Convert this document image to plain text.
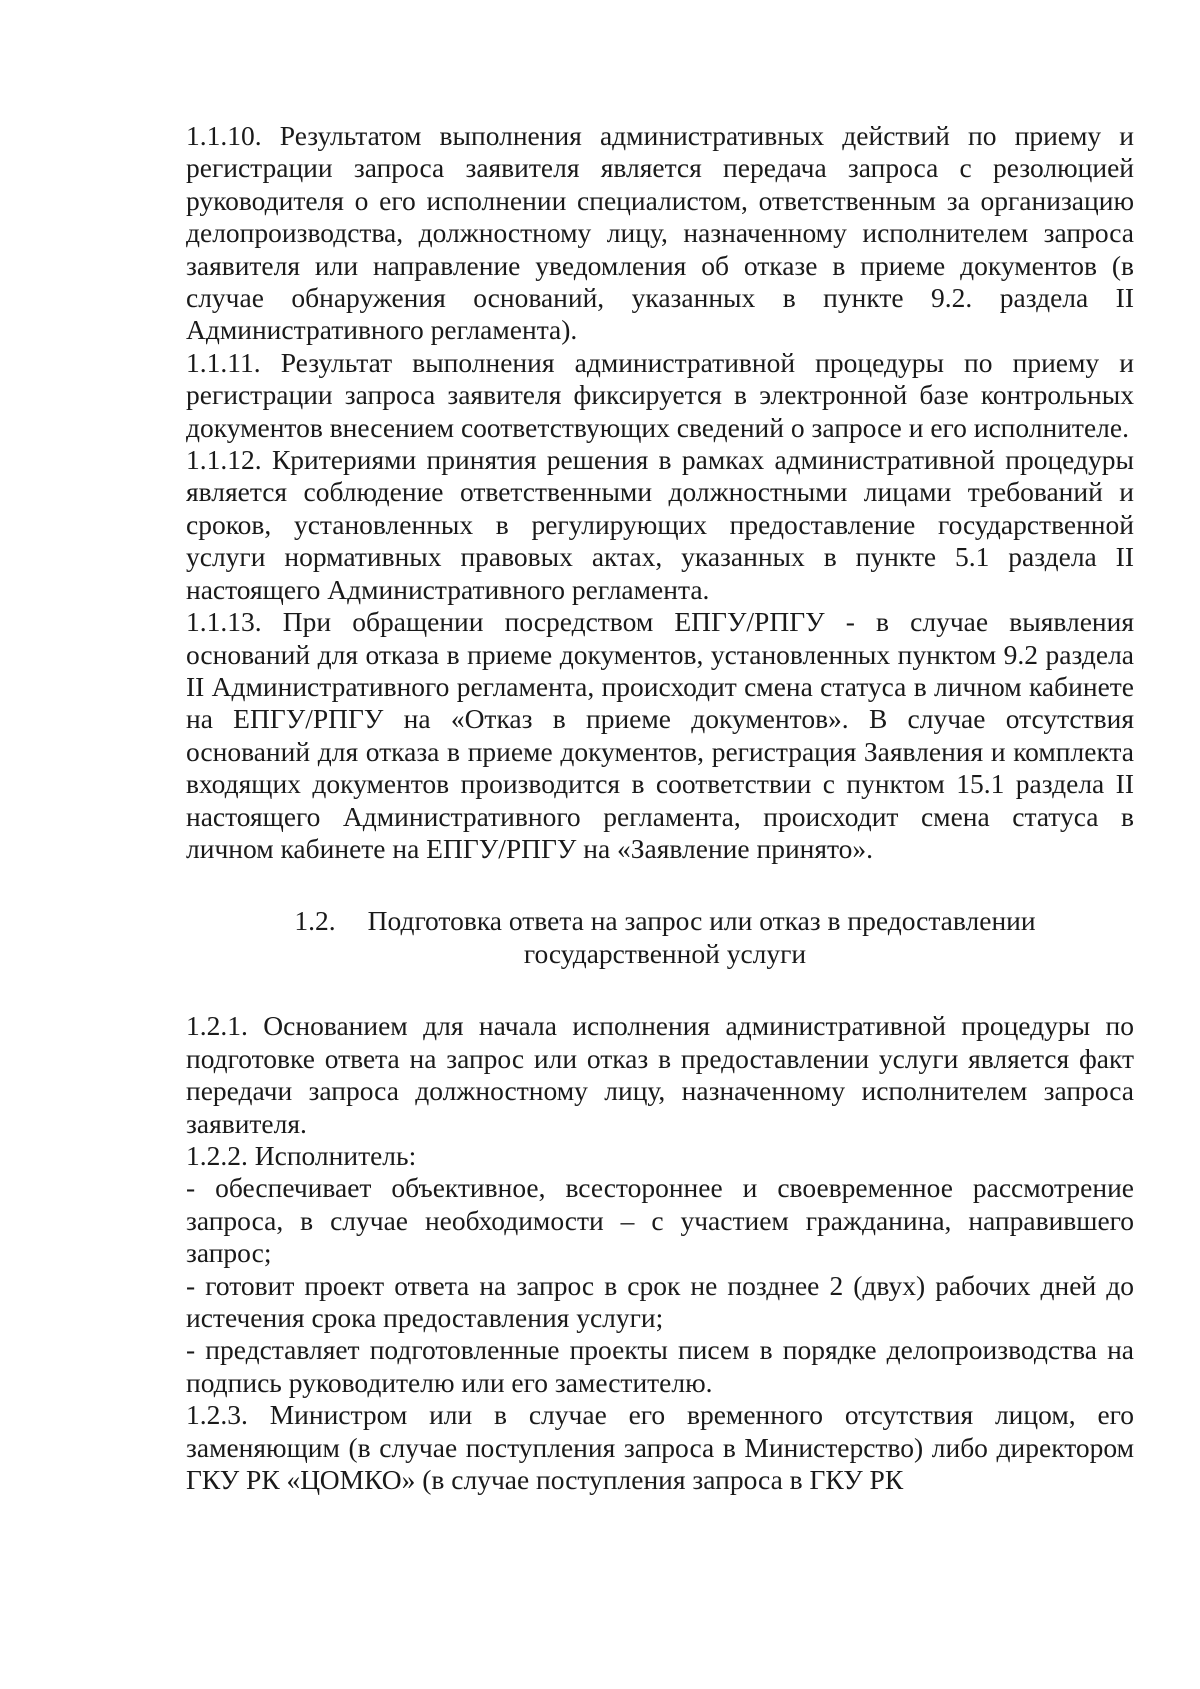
1.1.10. Результатом выполнения административных действий по приему и регистрации запроса заявителя является передача запроса с резолюцией руководителя о его исполнении специалистом, ответственным за организацию делопроизводства, должностному лицу, назначенному исполнителем запроса заявителя или направление уведомления об отказе в приеме документов (в случае обнаружения оснований, указанных в пункте 9.2. раздела II Административного регламента).

1.1.11. Результат выполнения административной процедуры по приему и регистрации запроса заявителя фиксируется в электронной базе контрольных документов внесением соответствующих сведений о запросе и его исполнителе.

1.1.12. Критериями принятия решения в рамках административной процедуры является соблюдение ответственными должностными лицами требований и сроков, установленных в регулирующих предоставление государственной услуги нормативных правовых актах, указанных в пункте 5.1 раздела II настоящего Административного регламента.

1.1.13. При обращении посредством ЕПГУ/РПГУ - в случае выявления оснований для отказа в приеме документов, установленных пунктом 9.2 раздела II Административного регламента, происходит смена статуса в личном кабинете на ЕПГУ/РПГУ на «Отказ в приеме документов». В случае отсутствия оснований для отказа в приеме документов, регистрация Заявления и комплекта входящих документов производится в соответствии с пунктом 15.1 раздела II настоящего Административного регламента, происходит смена статуса в личном кабинете на ЕПГУ/РПГУ на «Заявление принято».

1.2. Подготовка ответа на запрос или отказ в предоставлении
государственной услуги

1.2.1. Основанием для начала исполнения административной процедуры по подготовке ответа на запрос или отказ в предоставлении услуги является факт передачи запроса должностному лицу, назначенному исполнителем запроса заявителя.

1.2.2. Исполнитель:

- обеспечивает объективное, всестороннее и своевременное рассмотрение запроса, в случае необходимости – с участием гражданина, направившего запрос;

- готовит проект ответа на запрос в срок не позднее 2 (двух) рабочих дней до истечения срока предоставления услуги;

- представляет подготовленные проекты писем в порядке делопроизводства на подпись руководителю или его заместителю.

1.2.3. Министром или в случае его временного отсутствия лицом, его заменяющим (в случае поступления запроса в Министерство) либо директором ГКУ РК «ЦОМКО» (в случае поступления запроса в ГКУ РК
